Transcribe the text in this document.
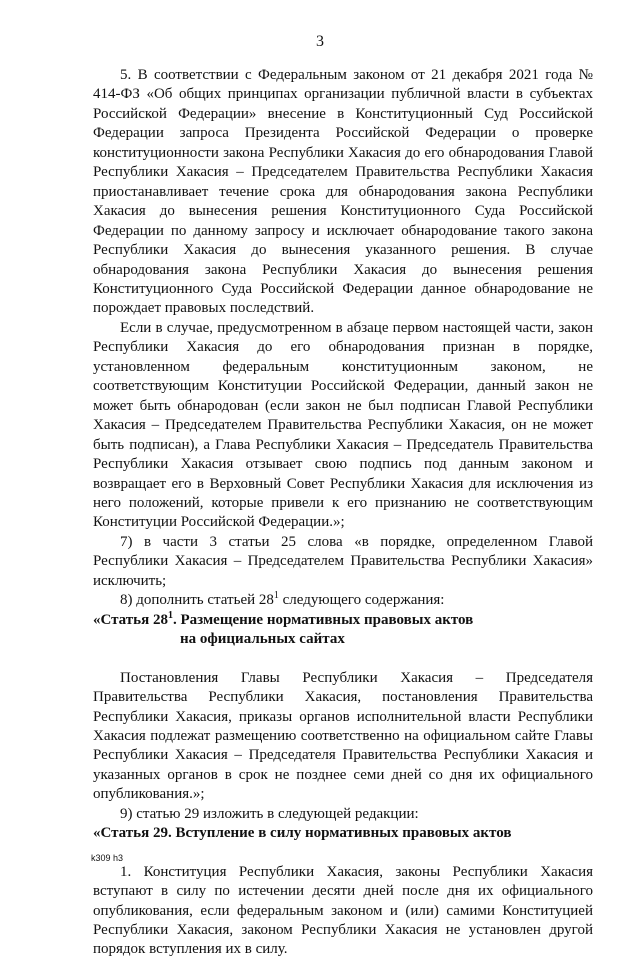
3

5. В соответствии с Федеральным законом от 21 декабря 2021 года № 414-ФЗ «Об общих принципах организации публичной власти в субъектах Российской Федерации» внесение в Конституционный Суд Российской Федерации запроса Президента Российской Федерации о проверке конституционности закона Республики Хакасия до его обнародования Главой Республики Хакасия – Председателем Правительства Республики Хакасия приостанавливает течение срока для обнародования закона Республики Хакасия до вынесения решения Конституционного Суда Российской Федерации по данному запросу и исключает обнародование такого закона Республики Хакасия до вынесения указанного решения. В случае обнародования закона Республики Хакасия до вынесения решения Конституционного Суда Российской Федерации данное обнародование не порождает правовых последствий.

Если в случае, предусмотренном в абзаце первом настоящей части, закон Республики Хакасия до его обнародования признан в порядке, установленном федеральным конституционным законом, не соответствующим Конституции Российской Федерации, данный закон не может быть обнародован (если закон не был подписан Главой Республики Хакасия – Председателем Правительства Республики Хакасия, он не может быть подписан), а Глава Республики Хакасия – Председатель Правительства Республики Хакасия отзывает свою подпись под данным законом и возвращает его в Верховный Совет Республики Хакасия для исключения из него положений, которые привели к его признанию не соответствующим Конституции Российской Федерации.»;

7) в части 3 статьи 25 слова «в порядке, определенном Главой Республики Хакасия – Председателем Правительства Республики Хакасия» исключить;

8) дополнить статьей $28^1$ следующего содержания:

«Статья $28^1$. Размещение нормативных правовых актов
на официальных сайтах

Постановления Главы Республики Хакасия – Председателя Правительства Республики Хакасия, постановления Правительства Республики Хакасия, приказы органов исполнительной власти Республики Хакасия подлежат размещению соответственно на официальном сайте Главы Республики Хакасия – Председателя Правительства Республики Хакасия и указанных органов в срок не позднее семи дней со дня их официального опубликования.»;

9) статью 29 изложить в следующей редакции:

«Статья 29. Вступление в силу нормативных правовых актов

1. Конституция Республики Хакасия, законы Республики Хакасия вступают в силу по истечении десяти дней после дня их официального опубликования, если федеральным законом и (или) самими Конституцией Республики Хакасия, законом Республики Хакасия не установлен другой порядок вступления их в силу.

k309 h3
